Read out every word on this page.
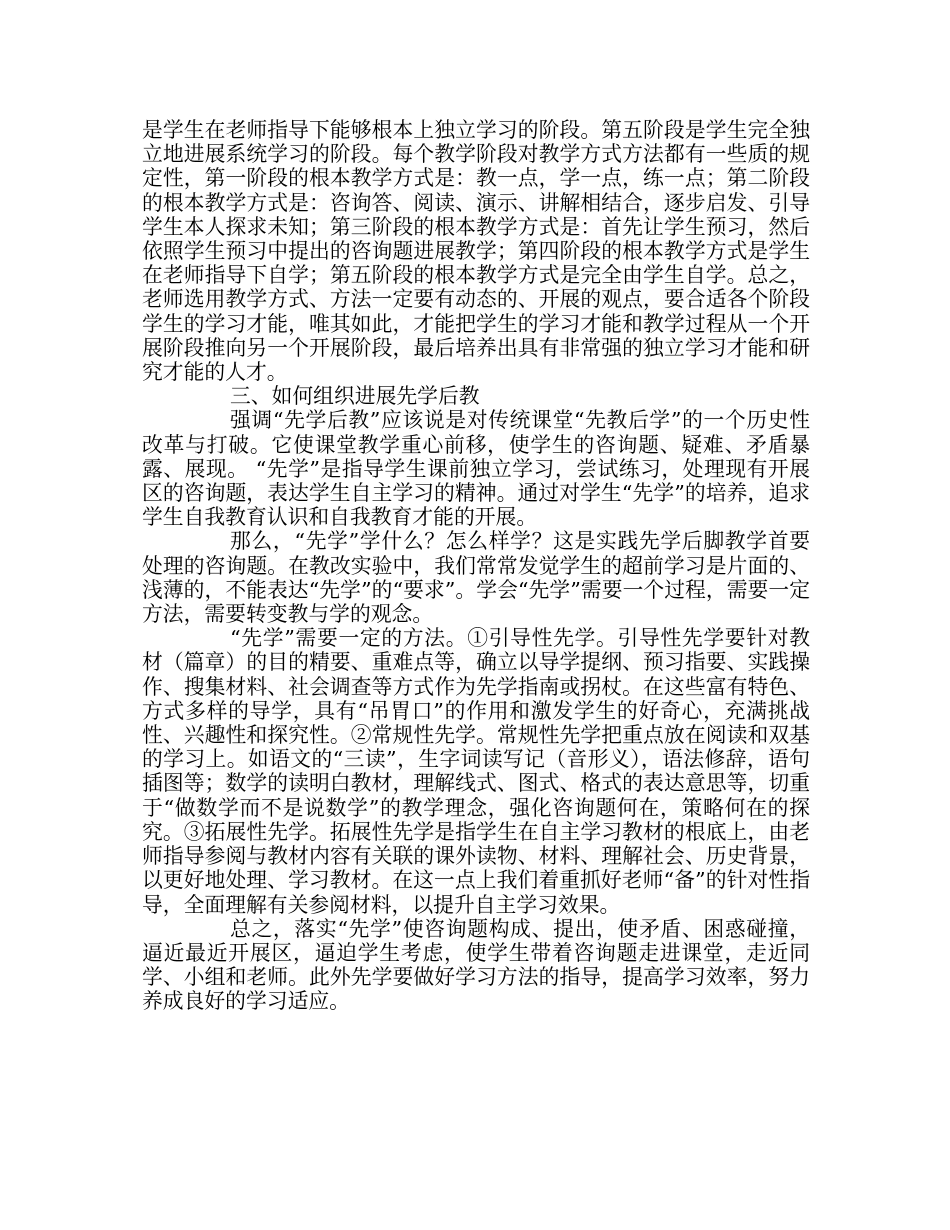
是学生在老师指导下能够根本上独立学习的阶段。第五阶段是学生完全独立地进展系统学习的阶段。每个教学阶段对教学方式方法都有一些质的规定性，第一阶段的根本教学方式是：教一点，学一点，练一点；第二阶段的根本教学方式是：咨询答、阅读、演示、讲解相结合，逐步启发、引导学生本人探求未知；第三阶段的根本教学方式是：首先让学生预习，然后依照学生预习中提出的咨询题进展教学；第四阶段的根本教学方式是学生在老师指导下自学；第五阶段的根本教学方式是完全由学生自学。总之，老师选用教学方式、方法一定要有动态的、开展的观点，要合适各个阶段学生的学习才能，唯其如此，才能把学生的学习才能和教学过程从一个开展阶段推向另一个开展阶段，最后培养出具有非常强的独立学习才能和研究才能的人才。

三、如何组织进展先学后教

强调“先学后教”应该说是对传统课堂“先教后学”的一个历史性改革与打破。它使课堂教学重心前移，使学生的咨询题、疑难、矛盾暴露、展现。 “先学”是指导学生课前独立学习，尝试练习，处理现有开展区的咨询题，表达学生自主学习的精神。通过对学生“先学”的培养，追求学生自我教育认识和自我教育才能的开展。

那么，“先学”学什么？怎么样学？这是实践先学后脚教学首要处理的咨询题。在教改实验中，我们常常发觉学生的超前学习是片面的、浅薄的，不能表达“先学”的“要求”。学会“先学”需要一个过程，需要一定方法，需要转变教与学的观念。

“先学”需要一定的方法。①引导性先学。引导性先学要针对教材（篇章）的目的精要、重难点等，确立以导学提纲、预习指要、实践操作、搜集材料、社会调查等方式作为先学指南或拐杖。在这些富有特色、方式多样的导学，具有“吊胃口”的作用和激发学生的好奇心，充满挑战性、兴趣性和探究性。②常规性先学。常规性先学把重点放在阅读和双基的学习上。如语文的“三读”，生字词读写记（音形义），语法修辞，语句插图等；数学的读明白教材，理解线式、图式、格式的表达意思等，切重于“做数学而不是说数学”的教学理念，强化咨询题何在，策略何在的探究。③拓展性先学。拓展性先学是指学生在自主学习教材的根底上，由老师指导参阅与教材内容有关联的课外读物、材料、理解社会、历史背景，以更好地处理、学习教材。在这一点上我们着重抓好老师“备”的针对性指导，全面理解有关参阅材料，以提升自主学习效果。

总之，落实“先学”使咨询题构成、提出，使矛盾、困惑碰撞，逼近最近开展区，逼迫学生考虑，使学生带着咨询题走进课堂，走近同学、小组和老师。此外先学要做好学习方法的指导，提高学习效率，努力养成良好的学习适应。
